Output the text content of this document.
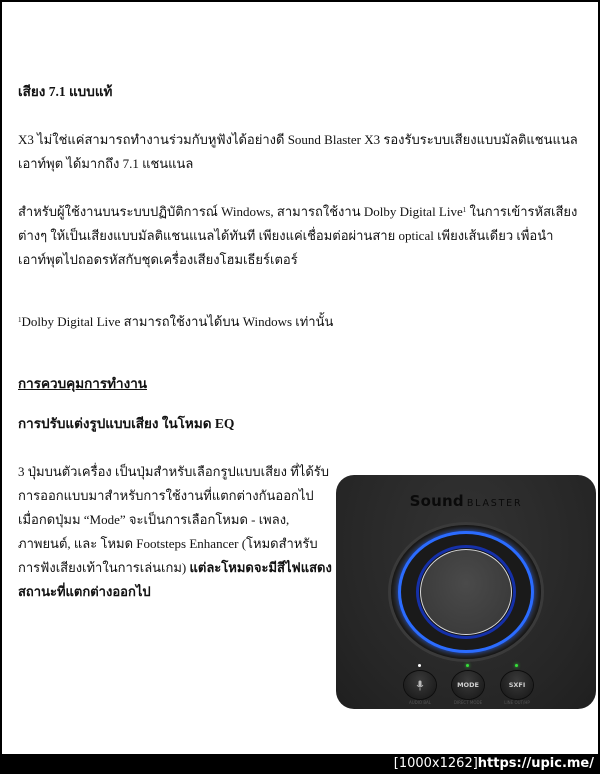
เสียง 7.1 แบบแท้
X3 ไม่ใช่แค่สามารถทำงานร่วมกับหูฟังได้อย่างดี Sound Blaster X3 รองรับระบบเสียงแบบมัลติแชนแนล
เอาท์พุต ได้มากถึง 7.1 แชนแนล
สำหรับผู้ใช้งานบนระบบปฏิบัติการณ์ Windows, สามารถใช้งาน Dolby Digital Live$^1$ ในการเข้ารหัสเสียง
ต่างๆ ให้เป็นเสียงแบบมัลติแชนแนลได้ทันที เพียงแค่เชื่อมต่อผ่านสาย optical เพียงเส้นเดียว เพื่อนำ
เอาท์พุตไปถอดรหัสกับชุดเครื่องเสียงโฮมเธียร์เตอร์
$^1$Dolby Digital Live สามารถใช้งานได้บน Windows เท่านั้น
การควบคุมการทำงาน
การปรับแต่งรูปแบบเสียง ในโหมด EQ
3 ปุ่มบนตัวเครื่อง เป็นปุ่มสำหรับเลือกรูปแบบเสียง ที่ได้รับ
การออกแบบมาสำหรับการใช้งานที่แตกต่างกันออกไป
เมื่อกดปุ่มม “Mode” จะเป็นการเลือกโหมด - เพลง,
ภาพยนต์, และ โหมด Footsteps Enhancer (โหมดสำหรับ
การฟังเสียงเท้าในการเล่นเกม) แต่ละโหมดจะมีสีไฟแสดง
สถานะที่แตกต่างออกไป
Sound BLASTER
MODE	SXFI
AUDIO BAL	DIRECT MODE	LINE OUT/HP
[1000x1262]https://upic.me/
